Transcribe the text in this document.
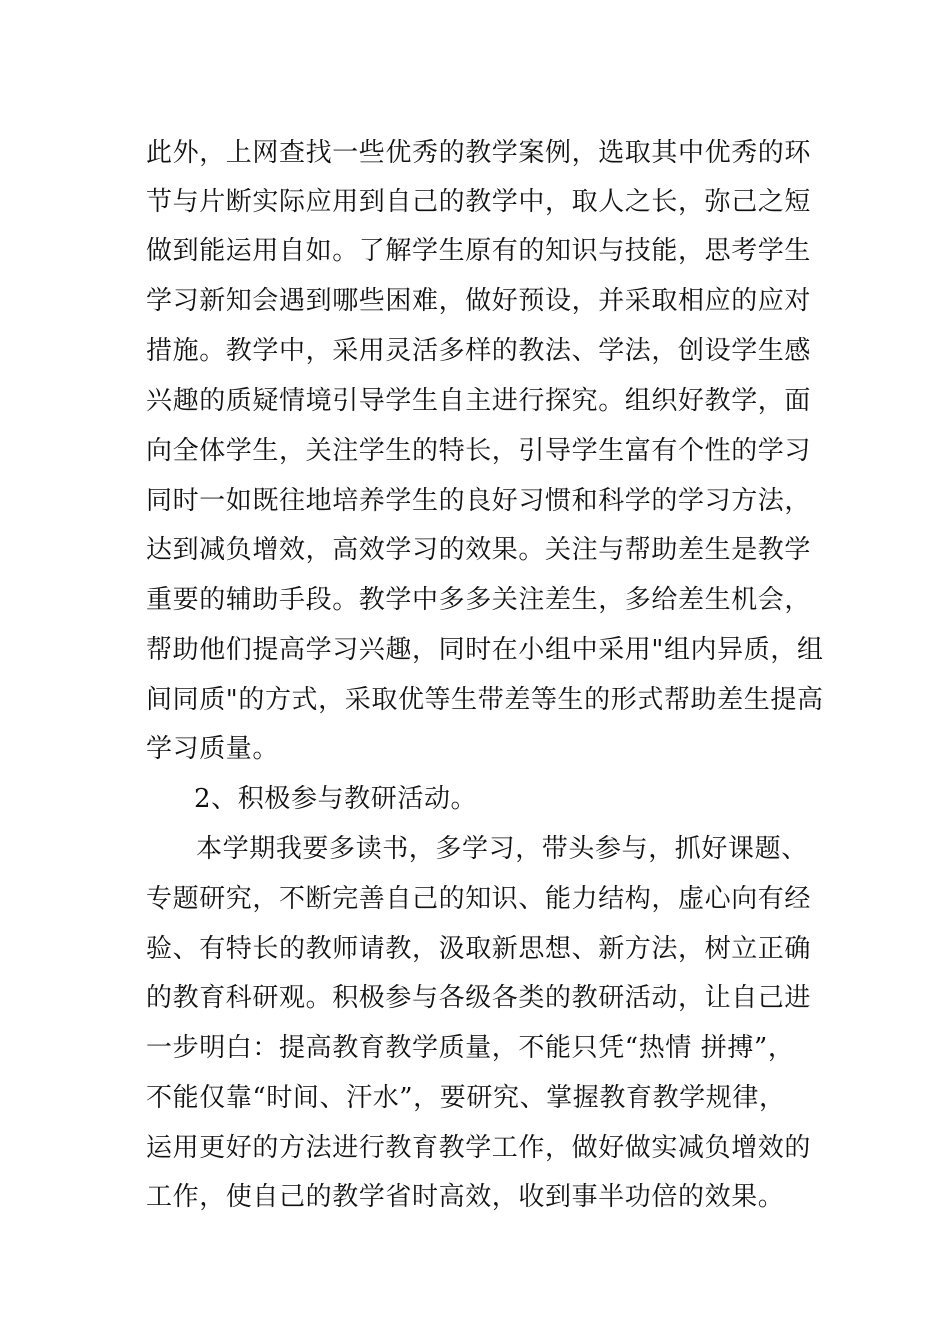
此外，上网查找一些优秀的教学案例，选取其中优秀的环
节与片断实际应用到自己的教学中，取人之长，弥己之短
做到能运用自如。了解学生原有的知识与技能，思考学生
学习新知会遇到哪些困难，做好预设，并采取相应的应对
措施。教学中，采用灵活多样的教法、学法，创设学生感
兴趣的质疑情境引导学生自主进行探究。组织好教学，面
向全体学生，关注学生的特长，引导学生富有个性的学习
同时一如既往地培养学生的良好习惯和科学的学习方法，
达到减负增效，高效学习的效果。关注与帮助差生是教学
重要的辅助手段。教学中多多关注差生，多给差生机会，
帮助他们提高学习兴趣，同时在小组中采用"组内异质，组
间同质"的方式，采取优等生带差等生的形式帮助差生提高
学习质量。
2、积极参与教研活动。
本学期我要多读书，多学习，带头参与，抓好课题、
专题研究，不断完善自己的知识、能力结构，虚心向有经
验、有特长的教师请教，汲取新思想、新方法，树立正确
的教育科研观。积极参与各级各类的教研活动，让自己进
一步明白：提高教育教学质量，不能只凭“热情 拼搏”，
不能仅靠“时间、汗水”，要研究、掌握教育教学规律，
运用更好的方法进行教育教学工作，做好做实减负增效的
工作，使自己的教学省时高效，收到事半功倍的效果。
